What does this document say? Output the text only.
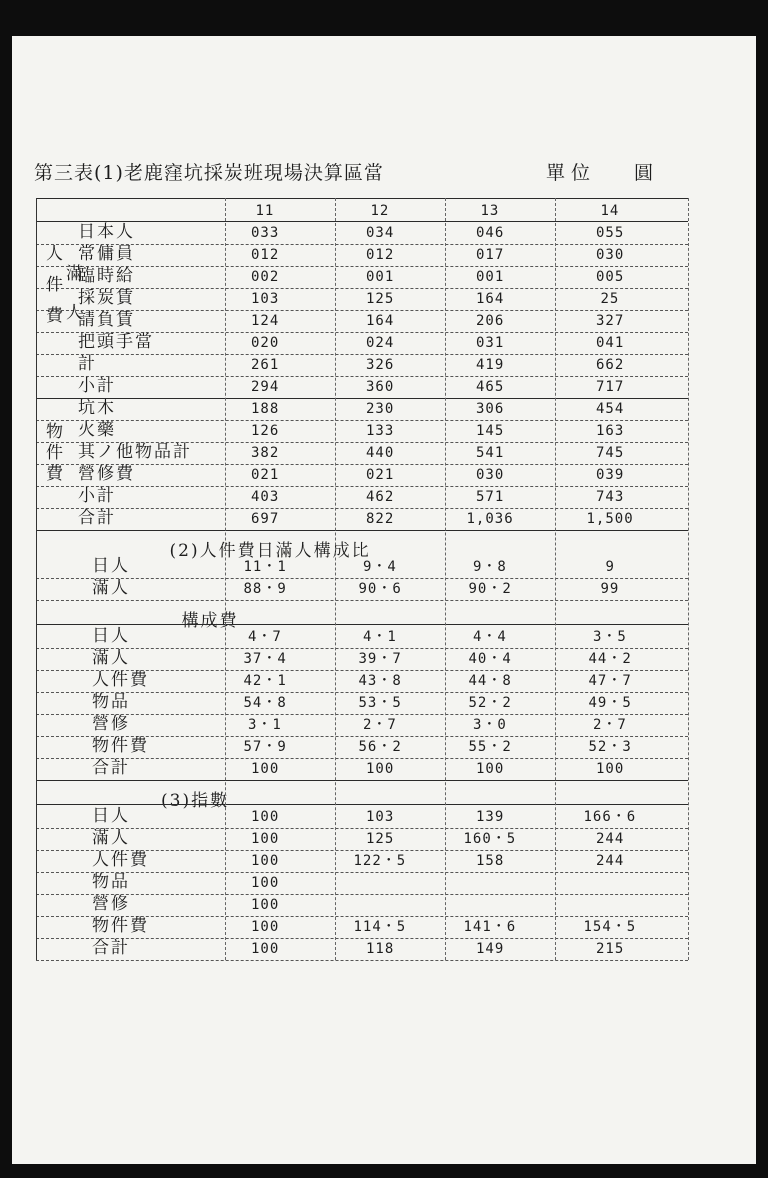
第三表(1)老鹿窪坑採炭班現場決算區當	單位 圓
11	12	13	14
日本人	033	034	046	055
常傭員	012	012	017	030
臨時給	002	001	001	005
採炭賃	103	125	164	25
請負賃	124	164	206	327
把頭手當	020	024	031	041
計	261	326	419	662
小計	294	360	465	717
坑木	188	230	306	454
火藥	126	133	145	163
其ノ他物品計	382	440	541	745
營修費	021	021	030	039
小計	403	462	571	743
合計	697	822	1,036	1,500
人件費 滿人
物件費
(2)人件費日滿人構成比
日人	11・1	9・4	9・8	9
滿人	88・9	90・6	90・2	99
構成費
日人	4・7	4・1	4・4	3・5
滿人	37・4	39・7	40・4	44・2
人件費	42・1	43・8	44・8	47・7
物品	54・8	53・5	52・2	49・5
營修	3・1	2・7	3・0	2・7
物件費	57・9	56・2	55・2	52・3
合計	100	100	100	100
(3)指數
日人	100	103	139	166・6
滿人	100	125	160・5	244
人件費	100	122・5	158	244
物品	100
營修	100
物件費	100	114・5	141・6	154・5
合計	100	118	149	215
